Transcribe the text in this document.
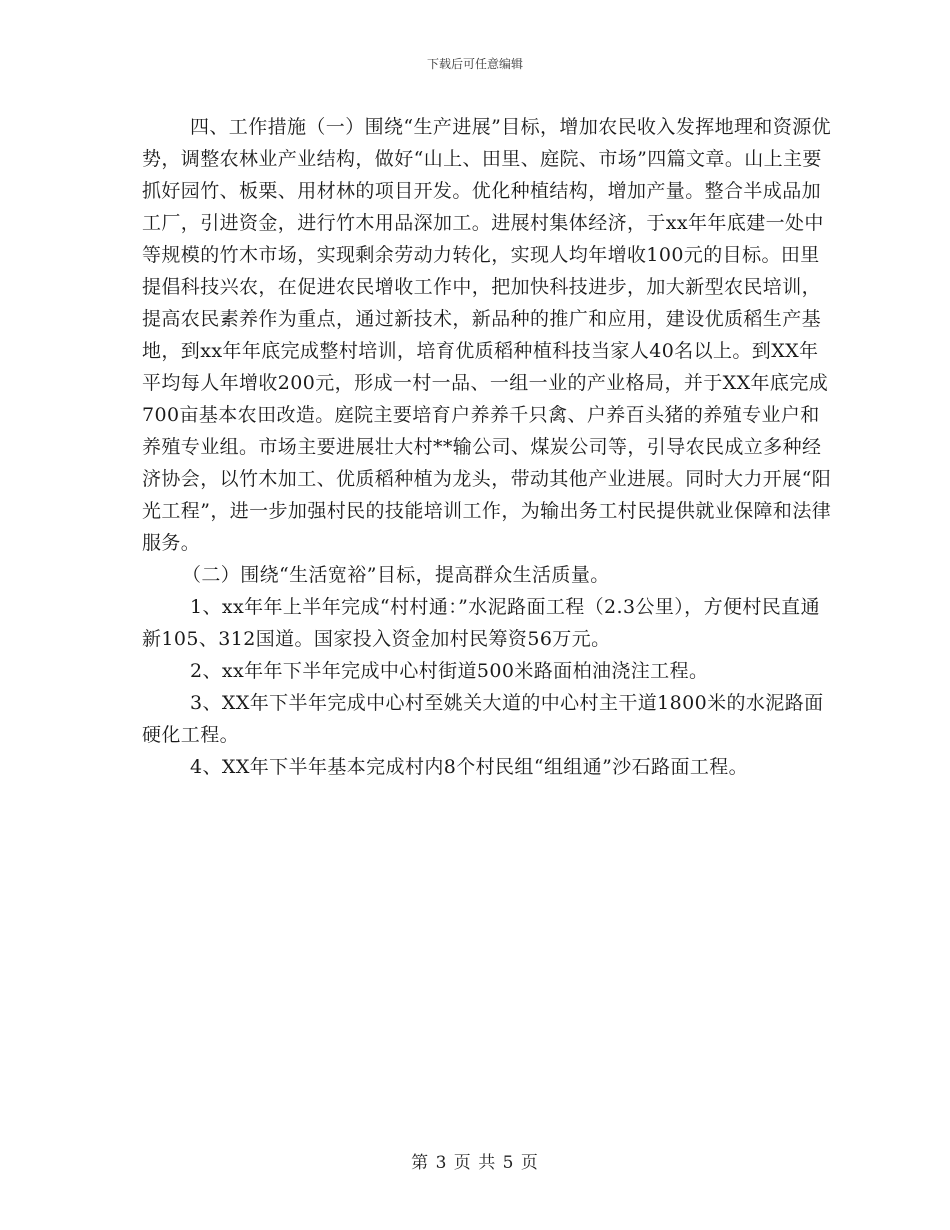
下载后可任意编辑

四、工作措施（一）围绕“生产进展”目标，增加农民收入发挥地理和资源优势，调整农林业产业结构，做好“山上、田里、庭院、市场”四篇文章。山上主要抓好园竹、板栗、用材林的项目开发。优化种植结构，增加产量。整合半成品加工厂，引进资金，进行竹木用品深加工。进展村集体经济，于xx年年底建一处中等规模的竹木市场，实现剩余劳动力转化，实现人均年增收100元的目标。田里提倡科技兴农，在促进农民增收工作中，把加快科技进步，加大新型农民培训，提高农民素养作为重点，通过新技术，新品种的推广和应用，建设优质稻生产基地，到xx年年底完成整村培训，培育优质稻种植科技当家人40名以上。到XX年平均每人年增收200元，形成一村一品、一组一业的产业格局，并于XX年底完成700亩基本农田改造。庭院主要培育户养养千只禽、户养百头猪的养殖专业户和养殖专业组。市场主要进展壮大村**输公司、煤炭公司等，引导农民成立多种经济协会，以竹木加工、优质稻种植为龙头，带动其他产业进展。同时大力开展“阳光工程”，进一步加强村民的技能培训工作，为输出务工村民提供就业保障和法律服务。

（二）围绕“生活宽裕”目标，提高群众生活质量。

1、xx年年上半年完成“村村通：”水泥路面工程（2.3公里），方便村民直通新105、312国道。国家投入资金加村民筹资56万元。

2、xx年年下半年完成中心村街道500米路面柏油浇注工程。

3、XX年下半年完成中心村至姚关大道的中心村主干道1800米的水泥路面硬化工程。

4、XX年下半年基本完成村内8个村民组“组组通”沙石路面工程。

第 3 页 共 5 页
